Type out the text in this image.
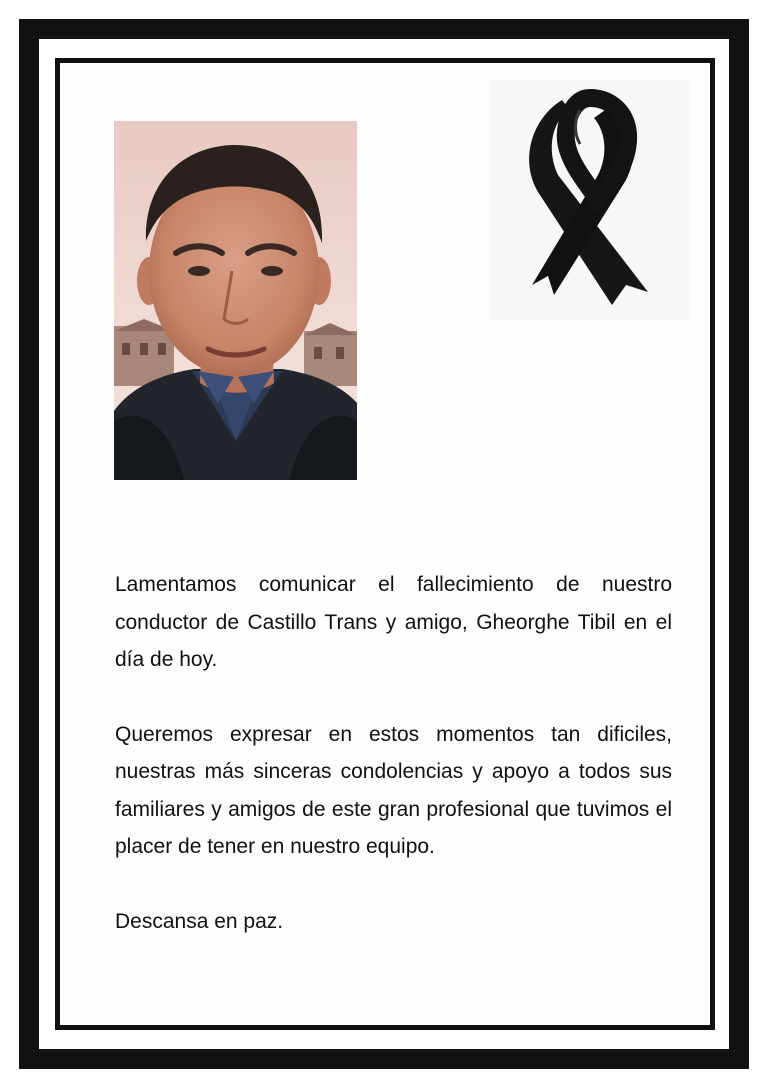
Lamentamos comunicar el fallecimiento de nuestro conductor de Castillo Trans y amigo, Gheorghe Tibil en el día de hoy.

Queremos expresar en estos momentos tan dificiles, nuestras más sinceras condolencias y apoyo a todos sus familiares y amigos de este gran profesional que tuvimos el placer de tener en nuestro equipo.

Descansa en paz.
